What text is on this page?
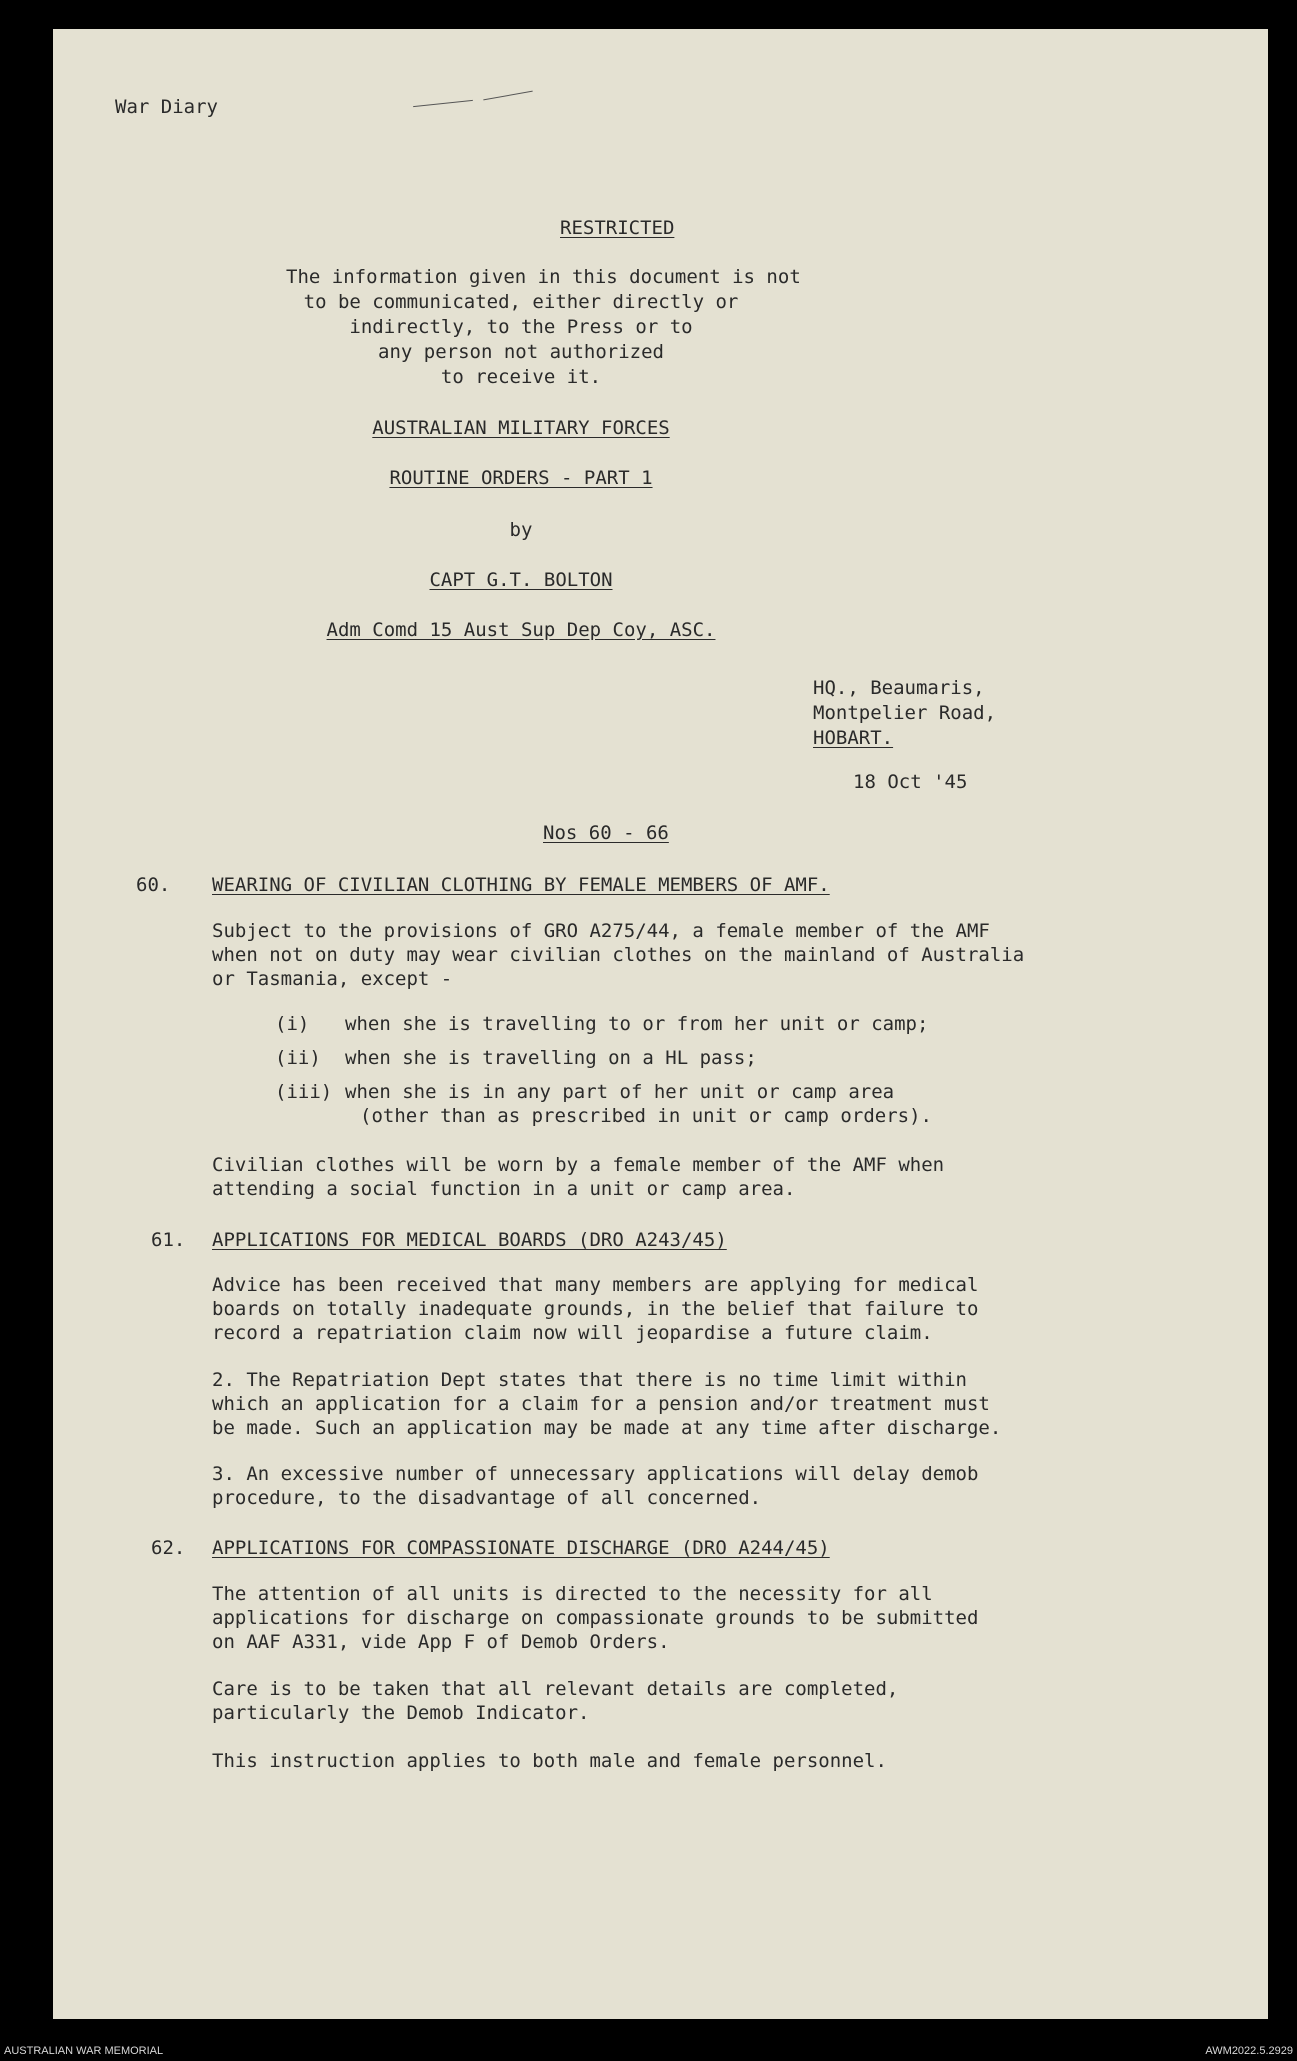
War Diary
RESTRICTED
The information given in this document is not
to be communicated, either directly or
indirectly, to the Press or to
any person not authorized
to receive it.
AUSTRALIAN MILITARY FORCES
ROUTINE ORDERS - PART 1
by
CAPT G.T. BOLTON
Adm Comd 15 Aust Sup Dep Coy, ASC.
HQ., Beaumaris,
Montpelier Road,
HOBART.
18 Oct '45
Nos 60 - 66
60. WEARING OF CIVILIAN CLOTHING BY FEMALE MEMBERS OF AMF.
Subject to the provisions of GRO A275/44, a female member of the AMF
when not on duty may wear civilian clothes on the mainland of Australia
or Tasmania, except -
(i) when she is travelling to or from her unit or camp;
(ii) when she is travelling on a HL pass;
(iii) when she is in any part of her unit or camp area
(other than as prescribed in unit or camp orders).
Civilian clothes will be worn by a female member of the AMF when
attending a social function in a unit or camp area.
61. APPLICATIONS FOR MEDICAL BOARDS (DRO A243/45)
Advice has been received that many members are applying for medical
boards on totally inadequate grounds, in the belief that failure to
record a repatriation claim now will jeopardise a future claim.
2. The Repatriation Dept states that there is no time limit within
which an application for a claim for a pension and/or treatment must
be made. Such an application may be made at any time after discharge.
3. An excessive number of unnecessary applications will delay demob
procedure, to the disadvantage of all concerned.
62. APPLICATIONS FOR COMPASSIONATE DISCHARGE (DRO A244/45)
The attention of all units is directed to the necessity for all
applications for discharge on compassionate grounds to be submitted
on AAF A331, vide App F of Demob Orders.
Care is to be taken that all relevant details are completed,
particularly the Demob Indicator.
This instruction applies to both male and female personnel.
AUSTRALIAN WAR MEMORIAL	AWM2022.5.2929
